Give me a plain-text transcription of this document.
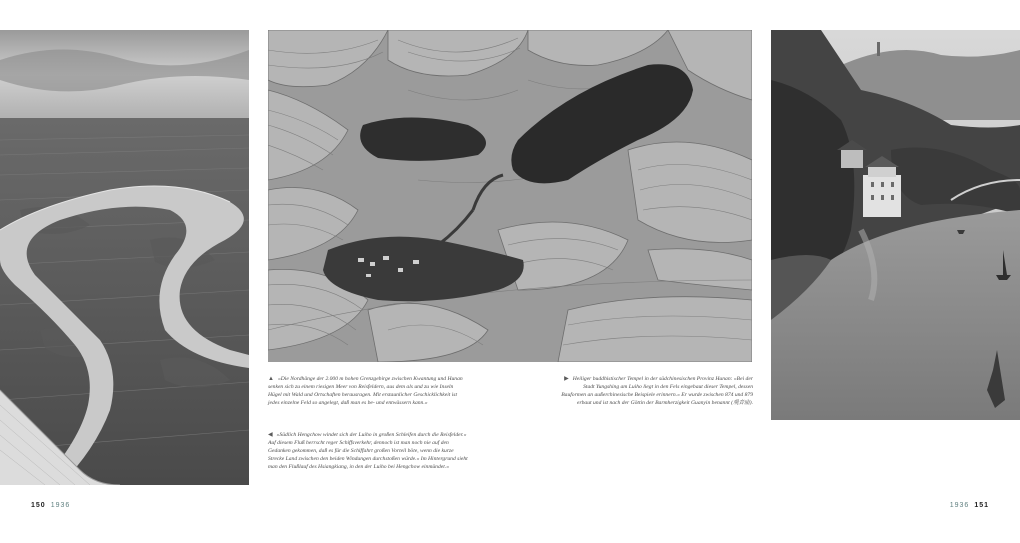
▲ »Die Nordhänge der 2.000 m hohen Grenzgebirge zwischen Kwantung und Hunan senken sich zu einem riesigen Meer von Reisfeldern, aus dem als und zu wie Inseln Hügel mit Wald und Ortschaften herausragen. Mit erstaunlicher Geschicklichkeit ist jedes einzelne Feld so angelegt, daß man es be- und entwässern kann.«
◀ »Südlich Hengchow windet sich der Luiho in großen Schleifen durch die Reisfelder.« Auf diesem Fluß herrscht reger Schiffsverkehr, dennoch ist man noch nie auf den Gedanken gekommen, daß es für die Schiffahrt großen Vorteil böte, wenn die kurze Strecke Land zwischen den beiden Windungen durchstoßen würde.« Im Hintergrund sieht man den Flußlauf des Hsiangkiang, in den der Luiho bei Hengchow einmündet.«
▶ Heiliger buddhistischer Tempel in der südchinesischen Provinz Hunan: »Bei der Stadt Yungshing am Luiho liegt in den Fels eingebaut dieser Tempel, dessen Bauformen an außerchinesische Beispiele erinnern.« Er wurde zwischen 874 und 879 erbaut und ist nach der Göttin der Barmherzigkeit Guanyin benannt (观音庙).
150 1936	1936 151
